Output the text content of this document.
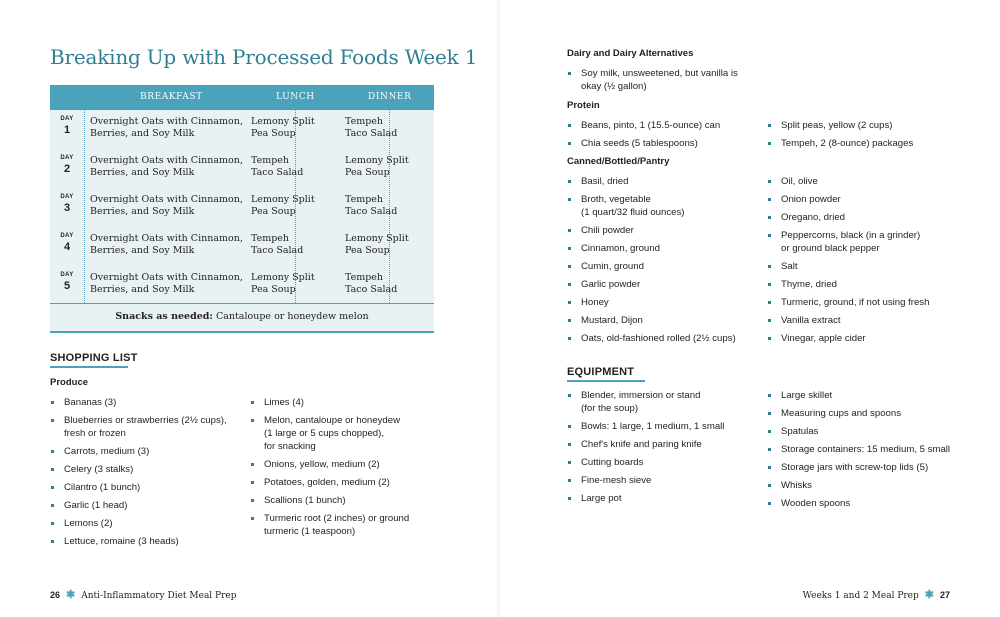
Breaking Up with Processed Foods Week 1
BREAKFAST	LUNCH	DINNER
DAY
1
Overnight Oats with Cinnamon,
Berries, and Soy Milk
Lemony Split
Pea Soup
Tempeh
Taco Salad
DAY
2
Overnight Oats with Cinnamon,
Berries, and Soy Milk
Tempeh
Taco Salad
Lemony Split
Pea Soup
DAY
3
Overnight Oats with Cinnamon,
Berries, and Soy Milk
Lemony Split
Pea Soup
Tempeh
Taco Salad
DAY
4
Overnight Oats with Cinnamon,
Berries, and Soy Milk
Tempeh
Taco Salad
Lemony Split
Pea Soup
DAY
5
Overnight Oats with Cinnamon,
Berries, and Soy Milk
Lemony Split
Pea Soup
Tempeh
Taco Salad
Snacks as needed: Cantaloupe or honeydew melon
SHOPPING LIST
Produce
Bananas (3)
Blueberries or strawberries (2½ cups),
fresh or frozen
Carrots, medium (3)
Celery (3 stalks)
Cilantro (1 bunch)
Garlic (1 head)
Lemons (2)
Lettuce, romaine (3 heads)
Limes (4)
Melon, cantaloupe or honeydew
(1 large or 5 cups chopped),
for snacking
Onions, yellow, medium (2)
Potatoes, golden, medium (2)
Scallions (1 bunch)
Turmeric root (2 inches) or ground
turmeric (1 teaspoon)
26 ✱ Anti-Inflammatory Diet Meal Prep
Dairy and Dairy Alternatives
Soy milk, unsweetened, but vanilla is
okay (½ gallon)
Protein
Beans, pinto, 1 (15.5-ounce) can
Chia seeds (5 tablespoons)
Split peas, yellow (2 cups)
Tempeh, 2 (8-ounce) packages
Canned/Bottled/Pantry
Basil, dried
Broth, vegetable
(1 quart/32 fluid ounces)
Chili powder
Cinnamon, ground
Cumin, ground
Garlic powder
Honey
Mustard, Dijon
Oats, old-fashioned rolled (2½ cups)
Oil, olive
Onion powder
Oregano, dried
Peppercorns, black (in a grinder)
or ground black pepper
Salt
Thyme, dried
Turmeric, ground, if not using fresh
Vanilla extract
Vinegar, apple cider
EQUIPMENT
Blender, immersion or stand
(for the soup)
Bowls: 1 large, 1 medium, 1 small
Chef's knife and paring knife
Cutting boards
Fine-mesh sieve
Large pot
Large skillet
Measuring cups and spoons
Spatulas
Storage containers: 15 medium, 5 small
Storage jars with screw-top lids (5)
Whisks
Wooden spoons
Weeks 1 and 2 Meal Prep ✱ 27
